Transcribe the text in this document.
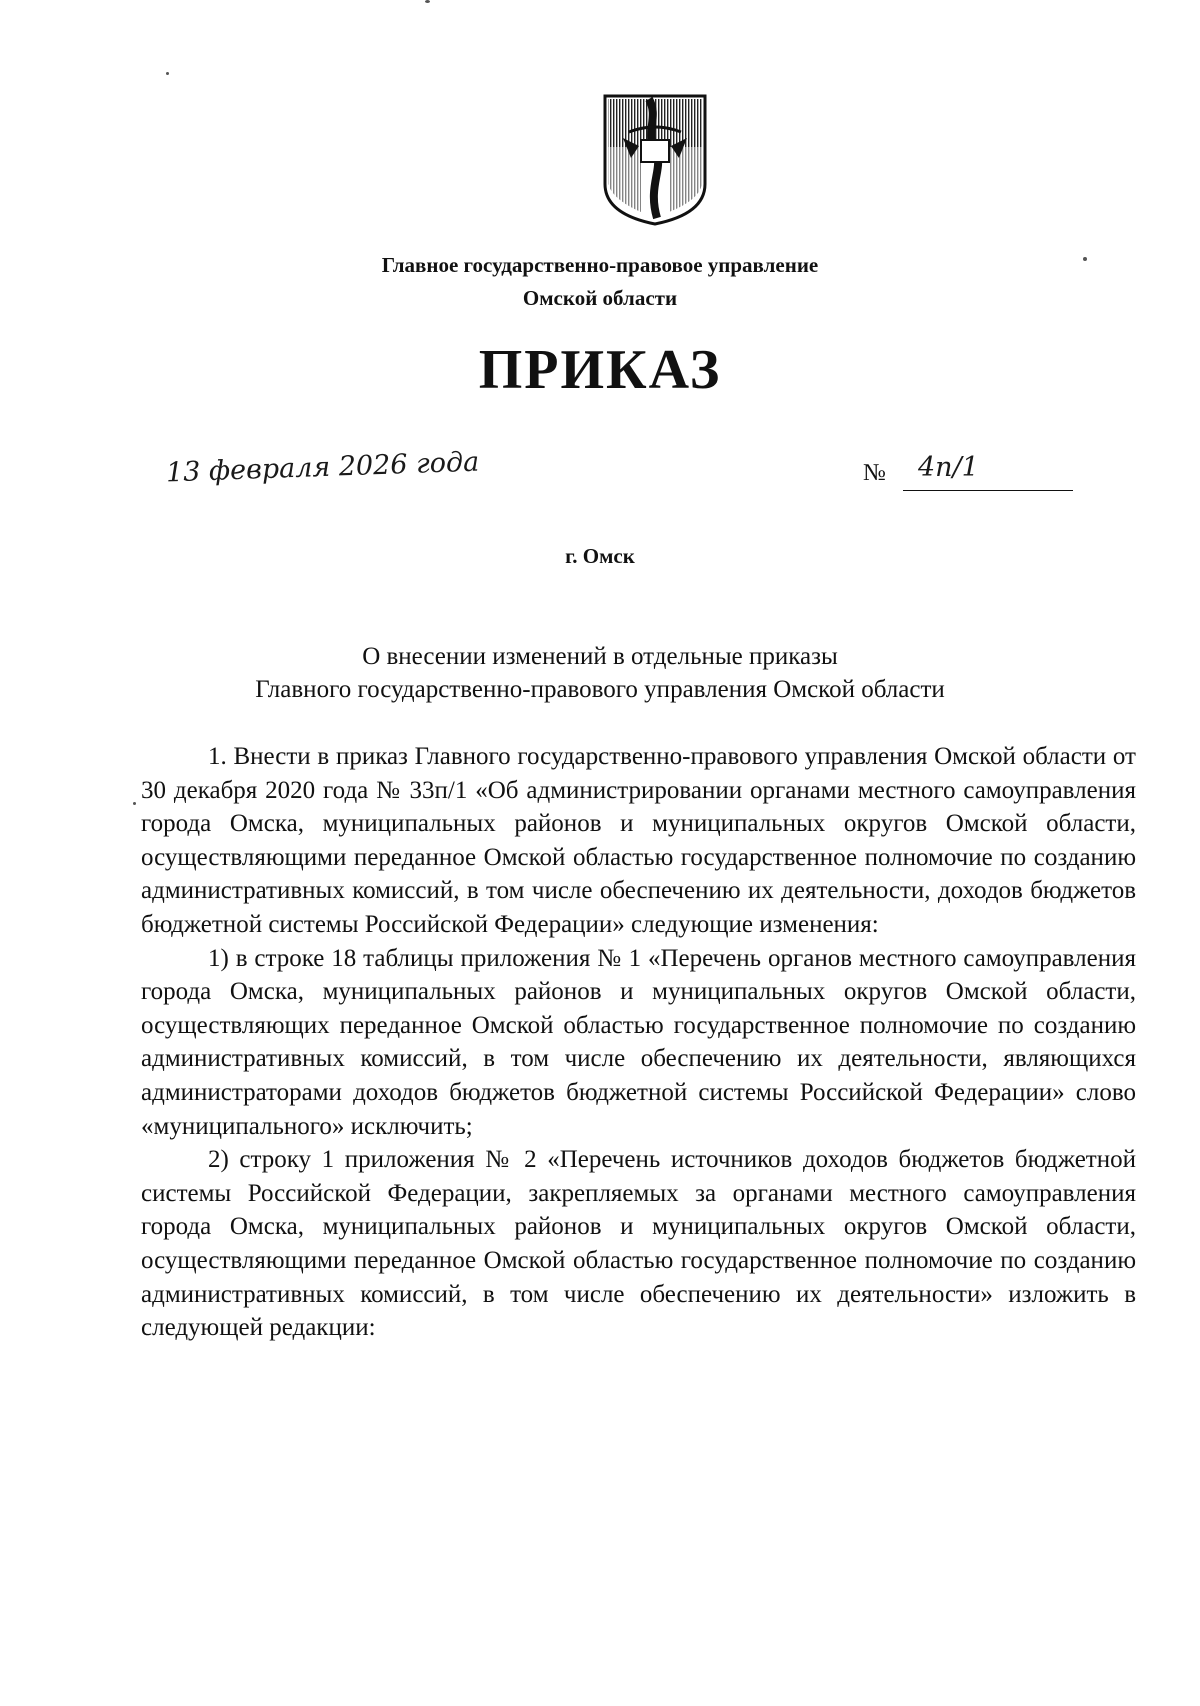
Главное государственно-правовое управление
Омской области
ПРИКАЗ
13 февраля 2026 года	№ 4п/1
г. Омск
О внесении изменений в отдельные приказы
Главного государственно-правового управления Омской области

1. Внести в приказ Главного государственно-правового управления Омской области от 30 декабря 2020 года № 33п/1 «Об администрировании органами местного самоуправления города Омска, муниципальных районов и муниципальных округов Омской области, осуществляющими переданное Омской областью государственное полномочие по созданию административных комиссий, в том числе обеспечению их деятельности, доходов бюджетов бюджетной системы Российской Федерации» следующие изменения:

1) в строке 18 таблицы приложения № 1 «Перечень органов местного самоуправления города Омска, муниципальных районов и муниципальных округов Омской области, осуществляющих переданное Омской областью государственное полномочие по созданию административных комиссий, в том числе обеспечению их деятельности, являющихся администраторами доходов бюджетов бюджетной системы Российской Федерации» слово «муниципального» исключить;

2) строку 1 приложения № 2 «Перечень источников доходов бюджетов бюджетной системы Российской Федерации, закрепляемых за органами местного самоуправления города Омска, муниципальных районов и муниципальных округов Омской области, осуществляющими переданное Омской областью государственное полномочие по созданию административных комиссий, в том числе обеспечению их деятельности» изложить в следующей редакции:
